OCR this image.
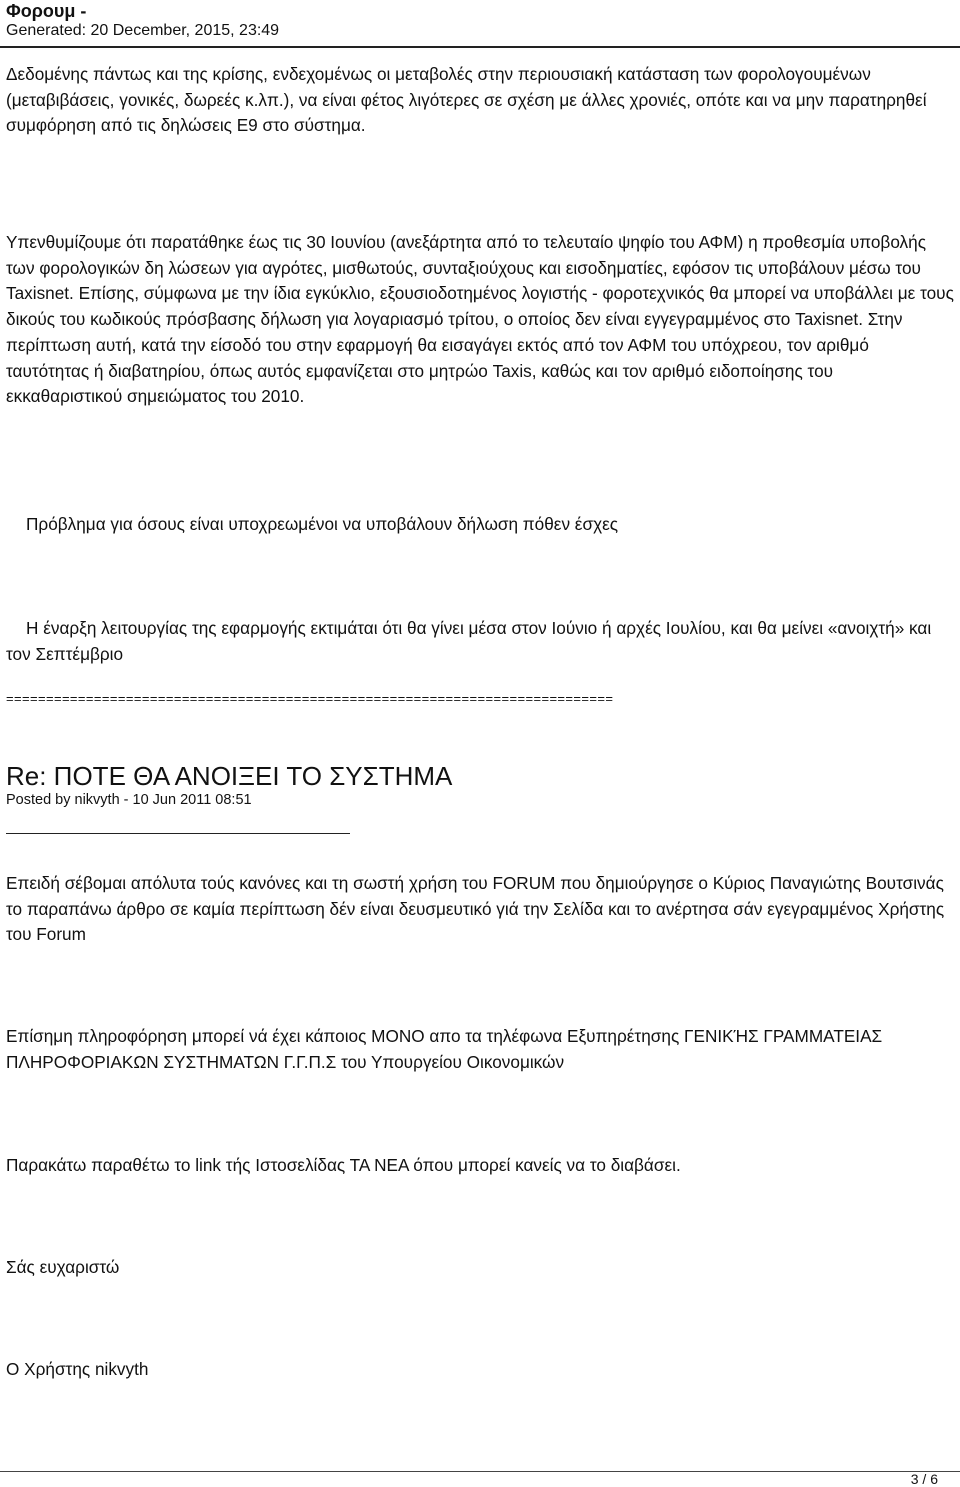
Φορουμ -
Generated: 20 December, 2015, 23:49

Δεδομένης πάντως και της κρίσης, ενδεχομένως οι μεταβολές στην περιουσιακή κατάσταση των φορολογουμένων (μεταβιβάσεις, γονικές, δωρεές κ.λπ.), να είναι φέτος λιγότερες σε σχέση με άλλες χρονιές, οπότε και να μην παρατηρηθεί συμφόρηση από τις δηλώσεις Ε9 στο σύστημα.

Υπενθυμίζουμε ότι παρατάθηκε έως τις 30 Ιουνίου (ανεξάρτητα από το τελευταίο ψηφίο του ΑΦΜ) η προθεσμία υποβολής των φορολογικών δη λώσεων για αγρότες, μισθωτούς, συνταξιούχους και εισοδηματίες, εφόσον τις υποβάλουν μέσω του Taxisnet. Επίσης, σύμφωνα με την ίδια εγκύκλιο, εξουσιοδοτημένος λογιστής - φοροτεχνικός θα μπορεί να υποβάλλει με τους δικούς του κωδικούς πρόσβασης δήλωση για λογαριασμό τρίτου, ο οποίος δεν είναι εγγεγραμμένος στο Taxisnet. Στην περίπτωση αυτή, κατά την είσοδό του στην εφαρμογή θα εισαγάγει εκτός από τον ΑΦΜ του υπόχρεου, τον αριθμό ταυτότητας ή διαβατηρίου, όπως αυτός εμφανίζεται στο μητρώο Taxis, καθώς και τον αριθμό ειδοποίησης του εκκαθαριστικού σημειώματος του 2010.

Πρόβλημα για όσους είναι υποχρεωμένοι να υποβάλουν δήλωση πόθεν έσχες

Η έναρξη λειτουργίας της εφαρμογής εκτιμάται ότι θα γίνει μέσα στον Ιούνιο ή αρχές Ιουλίου, και θα μείνει «ανοιχτή» και τον Σεπτέμβριο

============================================================================
Re: ΠΟΤΕ ΘΑ ΑΝΟΙΞΕΙ ΤΟ ΣΥΣΤΗΜΑ
Posted by nikvyth - 10 Jun 2011 08:51

Επειδή σέβομαι απόλυτα τούς κανόνες και τη σωστή χρήση του FORUM που δημιούργησε ο Κύριος Παναγιώτης Βουτσινάς το παραπάνω άρθρο σε καμία περίπτωση δέν είναι δευσμευτικό γιά την Σελίδα και το ανέρτησα σάν εγεγραμμένος Χρήστης του Forum

Επίσημη πληροφόρηση μπορεί νά έχει κάποιος ΜΟΝΟ απο τα τηλέφωνα Εξυπηρέτησης ΓΕΝΙΚΉΣ ΓΡΑΜΜΑΤΕΙΑΣ ΠΛΗΡΟΦΟΡΙΑΚΩΝ ΣΥΣΤΗΜΑΤΩΝ Γ.Γ.Π.Σ του Υπουργείου Οικονομικών

Παρακάτω παραθέτω το link τής Ιστοσελίδας ΤΑ ΝΕΑ όπου μπορεί κανείς να το διαβάσει.

Σάς ευχαριστώ

Ο Χρήστης nikvyth

3 / 6
